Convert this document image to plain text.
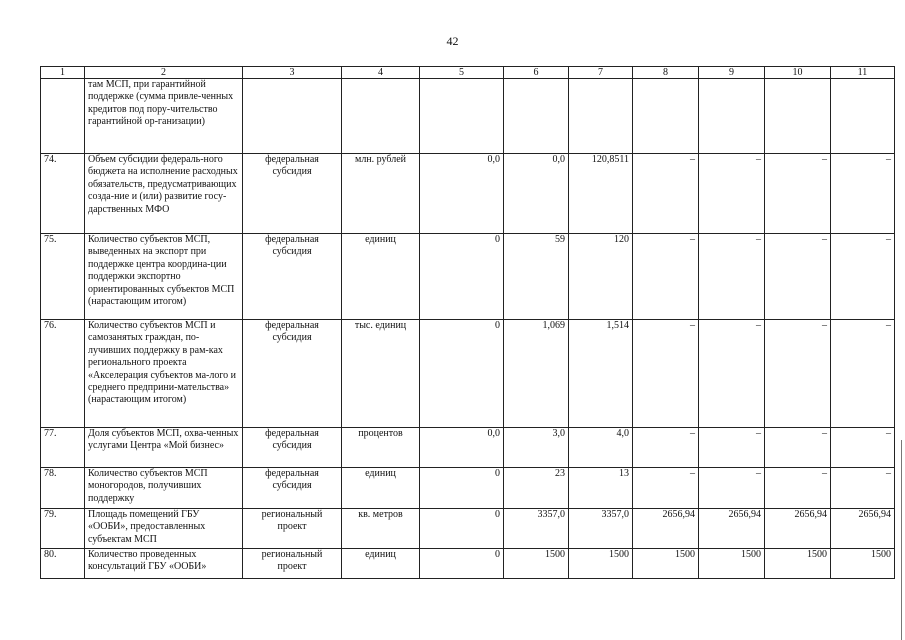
42
1	2	3	4	5	6	7	8	9	10	11
	там МСП, при гарантийной поддержке (сумма привле-ченных кредитов под пору-чительство гарантийной ор-ганизации)									
74.	Объем субсидии федераль-ного бюджета на исполнение расходных обязательств, предусматривающих созда-ние и (или) развитие госу-дарственных МФО	федеральная субсидия	млн. рублей	0,0	0,0	120,8511	–	–	–	–
75.	Количество субъектов МСП, выведенных на экспорт при поддержке центра координа-ции поддержки экспортно ориентированных субъектов МСП (нарастающим итогом)	федеральная субсидия	единиц	0	59	120	–	–	–	–
76.	Количество субъектов МСП и самозанятых граждан, по-лучивших поддержку в рам-ках регионального проекта «Акселерация субъектов ма-лого и среднего предприни-мательства» (нарастающим итогом)	федеральная субсидия	тыс. единиц	0	1,069	1,514	–	–	–	–
77.	Доля субъектов МСП, охва-ченных услугами Центра «Мой бизнес»	федеральная субсидия	процентов	0,0	3,0	4,0	–	–	–	–
78.	Количество субъектов МСП моногородов, получивших поддержку	федеральная субсидия	единиц	0	23	13	–	–	–	–
79.	Площадь помещений ГБУ «ООБИ», предоставленных субъектам МСП	региональный проект	кв. метров	0	3357,0	3357,0	2656,94	2656,94	2656,94	2656,94
80.	Количество проведенных консультаций ГБУ «ООБИ»	региональный проект	единиц	0	1500	1500	1500	1500	1500	1500
